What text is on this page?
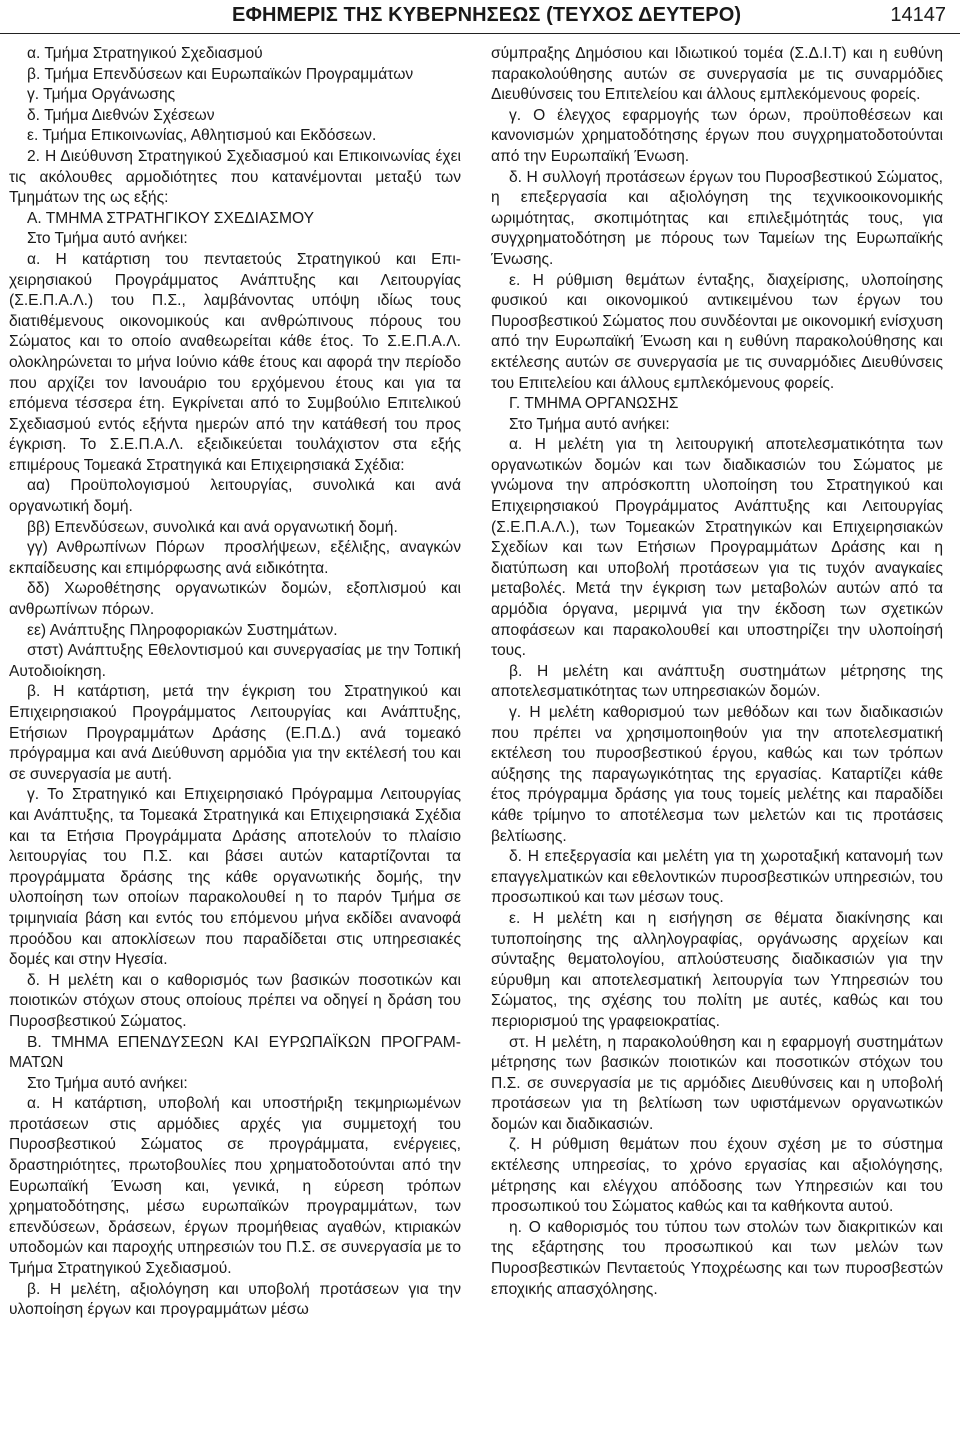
ΕΦΗΜΕΡΙΣ ΤΗΣ ΚΥΒΕΡΝΗΣΕΩΣ (ΤΕΥΧΟΣ ΔΕΥΤΕΡΟ)	14147

α. Τμήμα Στρατηγικού Σχεδιασμού

β. Τμήμα Επενδύσεων και Ευρωπαϊκών Προγραμμάτων

γ. Τμήμα Οργάνωσης

δ. Τμήμα Διεθνών Σχέσεων

ε. Τμήμα Επικοινωνίας, Αθλητισμού και Εκδόσεων.

2. Η Διεύθυνση Στρατηγικού Σχεδιασμού και Επικοινωνίας έχει τις ακόλουθες αρμοδιότητες που κατανέμονται μεταξύ των Τμημάτων της ως εξής:

Α. ΤΜΗΜΑ ΣΤΡΑΤΗΓΙΚΟΥ ΣΧΕΔΙΑΣΜΟΥ

Στο Τμήμα αυτό ανήκει:

α. Η κατάρτιση του πενταετούς Στρατηγικού και Επιχειρησιακού Προγράμματος Ανάπτυξης και Λειτουργίας (Σ.Ε.Π.Α.Λ.) του Π.Σ., λαμβάνοντας υπόψη ιδίως τους διατιθέμενους οικονομικούς και ανθρώπινους πόρους του Σώματος και το οποίο αναθεωρείται κάθε έτος. Το Σ.Ε.Π.Α.Λ. ολοκληρώνεται το μήνα Ιούνιο κάθε έτους και αφορά την περίοδο που αρχίζει τον Ιανουάριο του ερχόμενου έτους και για τα επόμενα τέσσερα έτη. Εγκρίνεται από το Συμβούλιο Επιτελικού Σχεδιασμού εντός εξήντα ημερών από την κατάθεσή του προς έγκριση. Το Σ.Ε.Π.Α.Λ. εξειδικεύεται τουλάχιστον στα εξής επιμέρους Τομεακά Στρατηγικά και Επιχειρησιακά Σχέδια:

αα) Προϋπολογισμού λειτουργίας, συνολικά και ανά οργανωτική δομή.

ββ) Επενδύσεων, συνολικά και ανά οργανωτική δομή.

γγ) Ανθρωπίνων Πόρων προσλήψεων, εξέλιξης, αναγκών εκπαίδευσης και επιμόρφωσης ανά ειδικότητα.

δδ) Χωροθέτησης οργανωτικών δομών, εξοπλισμού και ανθρωπίνων πόρων.

εε) Ανάπτυξης Πληροφοριακών Συστημάτων.

στστ) Ανάπτυξης Εθελοντισμού και συνεργασίας με την Τοπική Αυτοδιοίκηση.

β. Η κατάρτιση, μετά την έγκριση του Στρατηγικού και Επιχειρησιακού Προγράμματος Λειτουργίας και Ανάπτυξης, Ετήσιων Προγραμμάτων Δράσης (Ε.Π.Δ.) ανά τομεακό πρόγραμμα και ανά Διεύθυνση αρμόδια για την εκτέλεσή του και σε συνεργασία με αυτή.

γ. Το Στρατηγικό και Επιχειρησιακό Πρόγραμμα Λειτουργίας και Ανάπτυξης, τα Τομεακά Στρατηγικά και Επιχειρησιακά Σχέδια και τα Ετήσια Προγράμματα Δράσης αποτελούν το πλαίσιο λειτουργίας του Π.Σ. και βάσει αυτών καταρτίζονται τα προγράμματα δράσης της κάθε οργανωτικής δομής, την υλοποίηση των οποίων παρακολουθεί η το παρόν Τμήμα σε τριμηνιαία βάση και εντός του επόμενου μήνα εκδίδει ανανοφά προόδου και αποκλίσεων που παραδίδεται στις υπηρεσιακές δομές και στην Ηγεσία.

δ. Η μελέτη και ο καθορισμός των βασικών ποσοτικών και ποιοτικών στόχων στους οποίους πρέπει να οδηγεί η δράση του Πυροσβεστικού Σώματος.

Β. ΤΜΗΜΑ ΕΠΕΝΔΥΣΕΩΝ ΚΑΙ ΕΥΡΩΠΑΪΚΩΝ ΠΡΟΓΡΑΜΜΑΤΩΝ

Στο Τμήμα αυτό ανήκει:

α. Η κατάρτιση, υποβολή και υποστήριξη τεκμηριωμένων προτάσεων στις αρμόδιες αρχές για συμμετοχή του Πυροσβεστικού Σώματος σε προγράμματα, ενέργειες, δραστηριότητες, πρωτοβουλίες που χρηματοδοτούνται από την Ευρωπαϊκή Ένωση και, γενικά, η εύρεση τρόπων χρηματοδότησης, μέσω ευρωπαϊκών προγραμμάτων, των επενδύσεων, δράσεων, έργων προμήθειας αγαθών, κτιριακών υποδομών και παροχής υπηρεσιών του Π.Σ. σε συνεργασία με το Τμήμα Στρατηγικού Σχεδιασμού.

β. Η μελέτη, αξιολόγηση και υποβολή προτάσεων για την υλοποίηση έργων και προγραμμάτων μέσω

σύμπραξης Δημόσιου και Ιδιωτικού τομέα (Σ.Δ.Ι.Τ) και η ευθύνη παρακολούθησης αυτών σε συνεργασία με τις συναρμόδιες Διευθύνσεις του Επιτελείου και άλλους εμπλεκόμενους φορείς.

γ. Ο έλεγχος εφαρμογής των όρων, προϋποθέσεων και κανονισμών χρηματοδότησης έργων που συγχρηματοδοτούνται από την Ευρωπαϊκή Ένωση.

δ. Η συλλογή προτάσεων έργων του Πυροσβεστικού Σώματος, η επεξεργασία και αξιολόγηση της τεχνικοοικονομικής ωριμότητας, σκοπιμότητας και επιλεξιμότητάς τους, για συγχρηματοδότηση με πόρους των Ταμείων της Ευρωπαϊκής Ένωσης.

ε. Η ρύθμιση θεμάτων ένταξης, διαχείρισης, υλοποίησης φυσικού και οικονομικού αντικειμένου των έργων του Πυροσβεστικού Σώματος που συνδέονται με οικονομική ενίσχυση από την Ευρωπαϊκή Ένωση και η ευθύνη παρακολούθησης και εκτέλεσης αυτών σε συνεργασία με τις συναρμόδιες Διευθύνσεις του Επιτελείου και άλλους εμπλεκόμενους φορείς.

Γ. ΤΜΗΜΑ ΟΡΓΑΝΩΣΗΣ

Στο Τμήμα αυτό ανήκει:

α. Η μελέτη για τη λειτουργική αποτελεσματικότητα των οργανωτικών δομών και των διαδικασιών του Σώματος με γνώμονα την απρόσκοπτη υλοποίηση του Στρατηγικού και Επιχειρησιακού Προγράμματος Ανάπτυξης και Λειτουργίας (Σ.Ε.Π.Α.Λ.), των Τομεακών Στρατηγικών και Επιχειρησιακών Σχεδίων και των Ετήσιων Προγραμμάτων Δράσης και η διατύπωση και υποβολή προτάσεων για τις τυχόν αναγκαίες μεταβολές. Μετά την έγκριση των μεταβολών αυτών από τα αρμόδια όργανα, μεριμνά για την έκδοση των σχετικών αποφάσεων και παρακολουθεί και υποστηρίζει την υλοποίησή τους.

β. Η μελέτη και ανάπτυξη συστημάτων μέτρησης της αποτελεσματικότητας των υπηρεσιακών δομών.

γ. Η μελέτη καθορισμού των μεθόδων και των διαδικασιών που πρέπει να χρησιμοποιηθούν για την αποτελεσματική εκτέλεση του πυροσβεστικού έργου, καθώς και των τρόπων αύξησης της παραγωγικότητας της εργασίας. Καταρτίζει κάθε έτος πρόγραμμα δράσης για τους τομείς μελέτης και παραδίδει κάθε τρίμηνο το αποτέλεσμα των μελετών και τις προτάσεις βελτίωσης.

δ. Η επεξεργασία και μελέτη για τη χωροταξική κατανομή των επαγγελματικών και εθελοντικών πυροσβεστικών υπηρεσιών, του προσωπικού και των μέσων τους.

ε. Η μελέτη και η εισήγηση σε θέματα διακίνησης και τυποποίησης της αλληλογραφίας, οργάνωσης αρχείων και σύνταξης θεματολογίου, απλούστευσης διαδικασιών για την εύρυθμη και αποτελεσματική λειτουργία των Υπηρεσιών του Σώματος, της σχέσης του πολίτη με αυτές, καθώς και του περιορισμού της γραφειοκρατίας.

στ. Η μελέτη, η παρακολούθηση και η εφαρμογή συστημάτων μέτρησης των βασικών ποιοτικών και ποσοτικών στόχων του Π.Σ. σε συνεργασία με τις αρμόδιες Διευθύνσεις και η υποβολή προτάσεων για τη βελτίωση των υφιστάμενων οργανωτικών δομών και διαδικασιών.

ζ. Η ρύθμιση θεμάτων που έχουν σχέση με το σύστημα εκτέλεσης υπηρεσίας, το χρόνο εργασίας και αξιολόγησης, μέτρησης και ελέγχου απόδοσης των Υπηρεσιών και του προσωπικού του Σώματος καθώς και τα καθήκοντα αυτού.

η. Ο καθορισμός του τύπου των στολών των διακριτικών και της εξάρτησης του προσωπικού και των μελών των Πυροσβεστικών Πενταετούς Υποχρέωσης και των πυροσβεστών εποχικής απασχόλησης.
